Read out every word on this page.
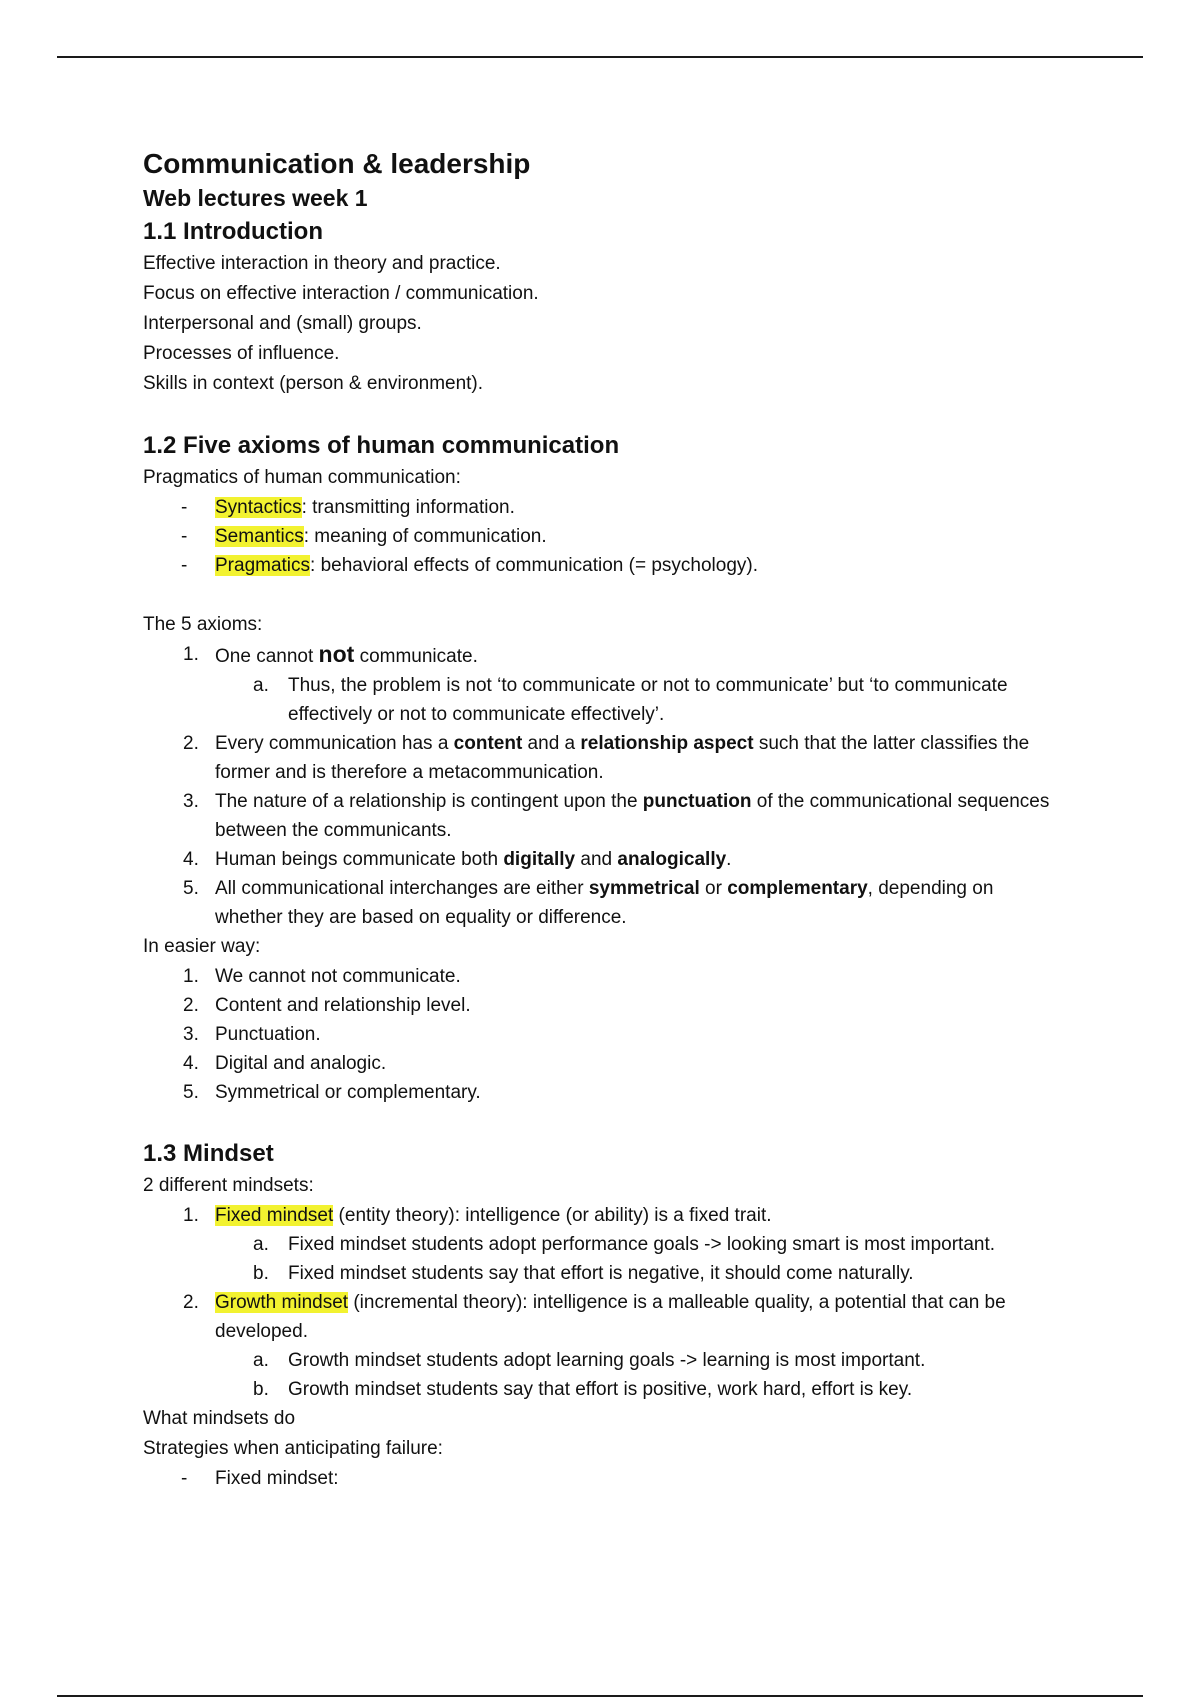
Communication & leadership
Web lectures week 1
1.1 Introduction
Effective interaction in theory and practice.
Focus on effective interaction / communication.
Interpersonal and (small) groups.
Processes of influence.
Skills in context (person & environment).
1.2 Five axioms of human communication
Pragmatics of human communication:
- Syntactics: transmitting information.
- Semantics: meaning of communication.
- Pragmatics: behavioral effects of communication (= psychology).
The 5 axioms:
1. One cannot not communicate.
a. Thus, the problem is not ‘to communicate or not to communicate’ but ‘to communicate effectively or not to communicate effectively’.
2. Every communication has a content and a relationship aspect such that the latter classifies the former and is therefore a metacommunication.
3. The nature of a relationship is contingent upon the punctuation of the communicational sequences between the communicants.
4. Human beings communicate both digitally and analogically.
5. All communicational interchanges are either symmetrical or complementary, depending on whether they are based on equality or difference.
In easier way:
1. We cannot not communicate.
2. Content and relationship level.
3. Punctuation.
4. Digital and analogic.
5. Symmetrical or complementary.
1.3 Mindset
2 different mindsets:
1. Fixed mindset (entity theory): intelligence (or ability) is a fixed trait.
a. Fixed mindset students adopt performance goals -> looking smart is most important.
b. Fixed mindset students say that effort is negative, it should come naturally.
2. Growth mindset (incremental theory): intelligence is a malleable quality, a potential that can be developed.
a. Growth mindset students adopt learning goals -> learning is most important.
b. Growth mindset students say that effort is positive, work hard, effort is key.
What mindsets do
Strategies when anticipating failure:
- Fixed mindset:
